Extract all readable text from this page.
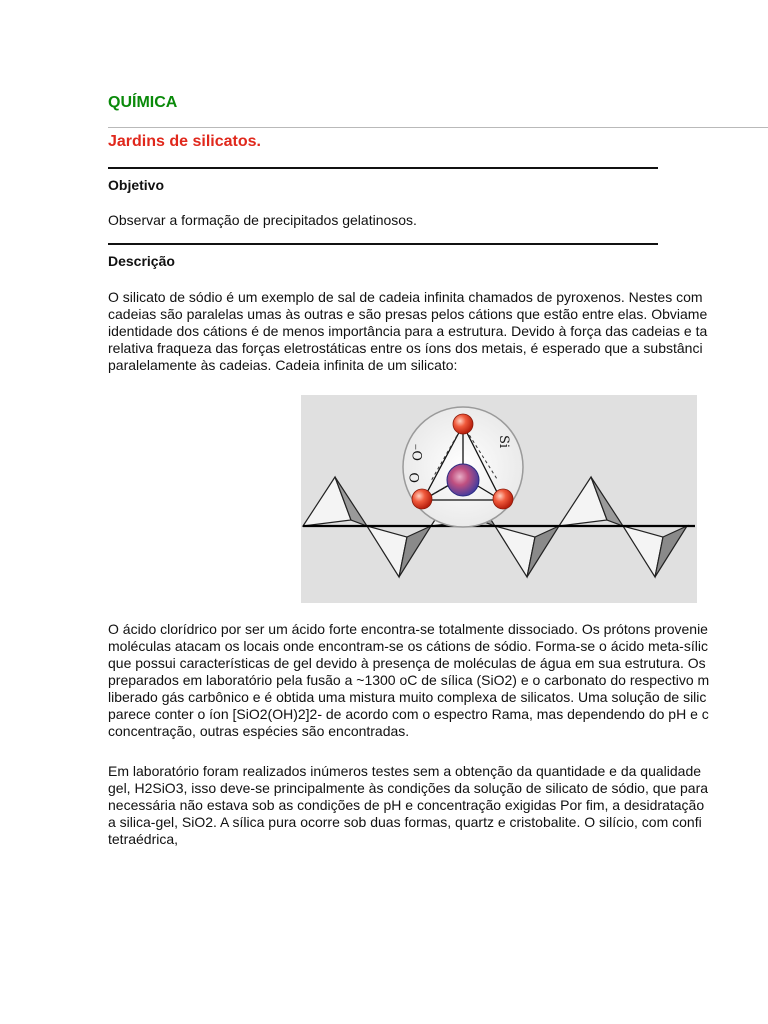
QUÍMICA
Jardins de silicatos.
Objetivo

Observar a formação de precipitados gelatinosos.

Descrição

O silicato de sódio é um exemplo de sal de cadeia infinita chamados de pyroxenos. Nestes com
cadeias são paralelas umas às outras e são presas pelos cátions que estão entre elas. Obviame
identidade dos cátions é de menos importância para a estrutura. Devido à força das cadeias e ta
relativa fraqueza das forças eletrostáticas entre os íons dos metais, é esperado que a substânci
paralelamente às cadeias. Cadeia infinita de um silicato:

O
O⁻
Si

O ácido clorídrico por ser um ácido forte encontra-se totalmente dissociado. Os prótons provenie
moléculas atacam os locais onde encontram-se os cátions de sódio. Forma-se o ácido meta-sílic
que possui características de gel devido à presença de moléculas de água em sua estrutura. Os
preparados em laboratório pela fusão a ~1300 oC de sílica (SiO2) e o carbonato do respectivo m
liberado gás carbônico e é obtida uma mistura muito complexa de silicatos. Uma solução de silic
parece conter o íon [SiO2(OH)2]2- de acordo com o espectro Rama, mas dependendo do pH e c
concentração, outras espécies são encontradas.

Em laboratório foram realizados inúmeros testes sem a obtenção da quantidade e da qualidade
gel, H2SiO3, isso deve-se principalmente às condições da solução de silicato de sódio, que para
necessária não estava sob as condições de pH e concentração exigidas Por fim, a desidratação
a silica-gel, SiO2. A sílica pura ocorre sob duas formas, quartz e cristobalite. O silício, com confi
tetraédrica,
